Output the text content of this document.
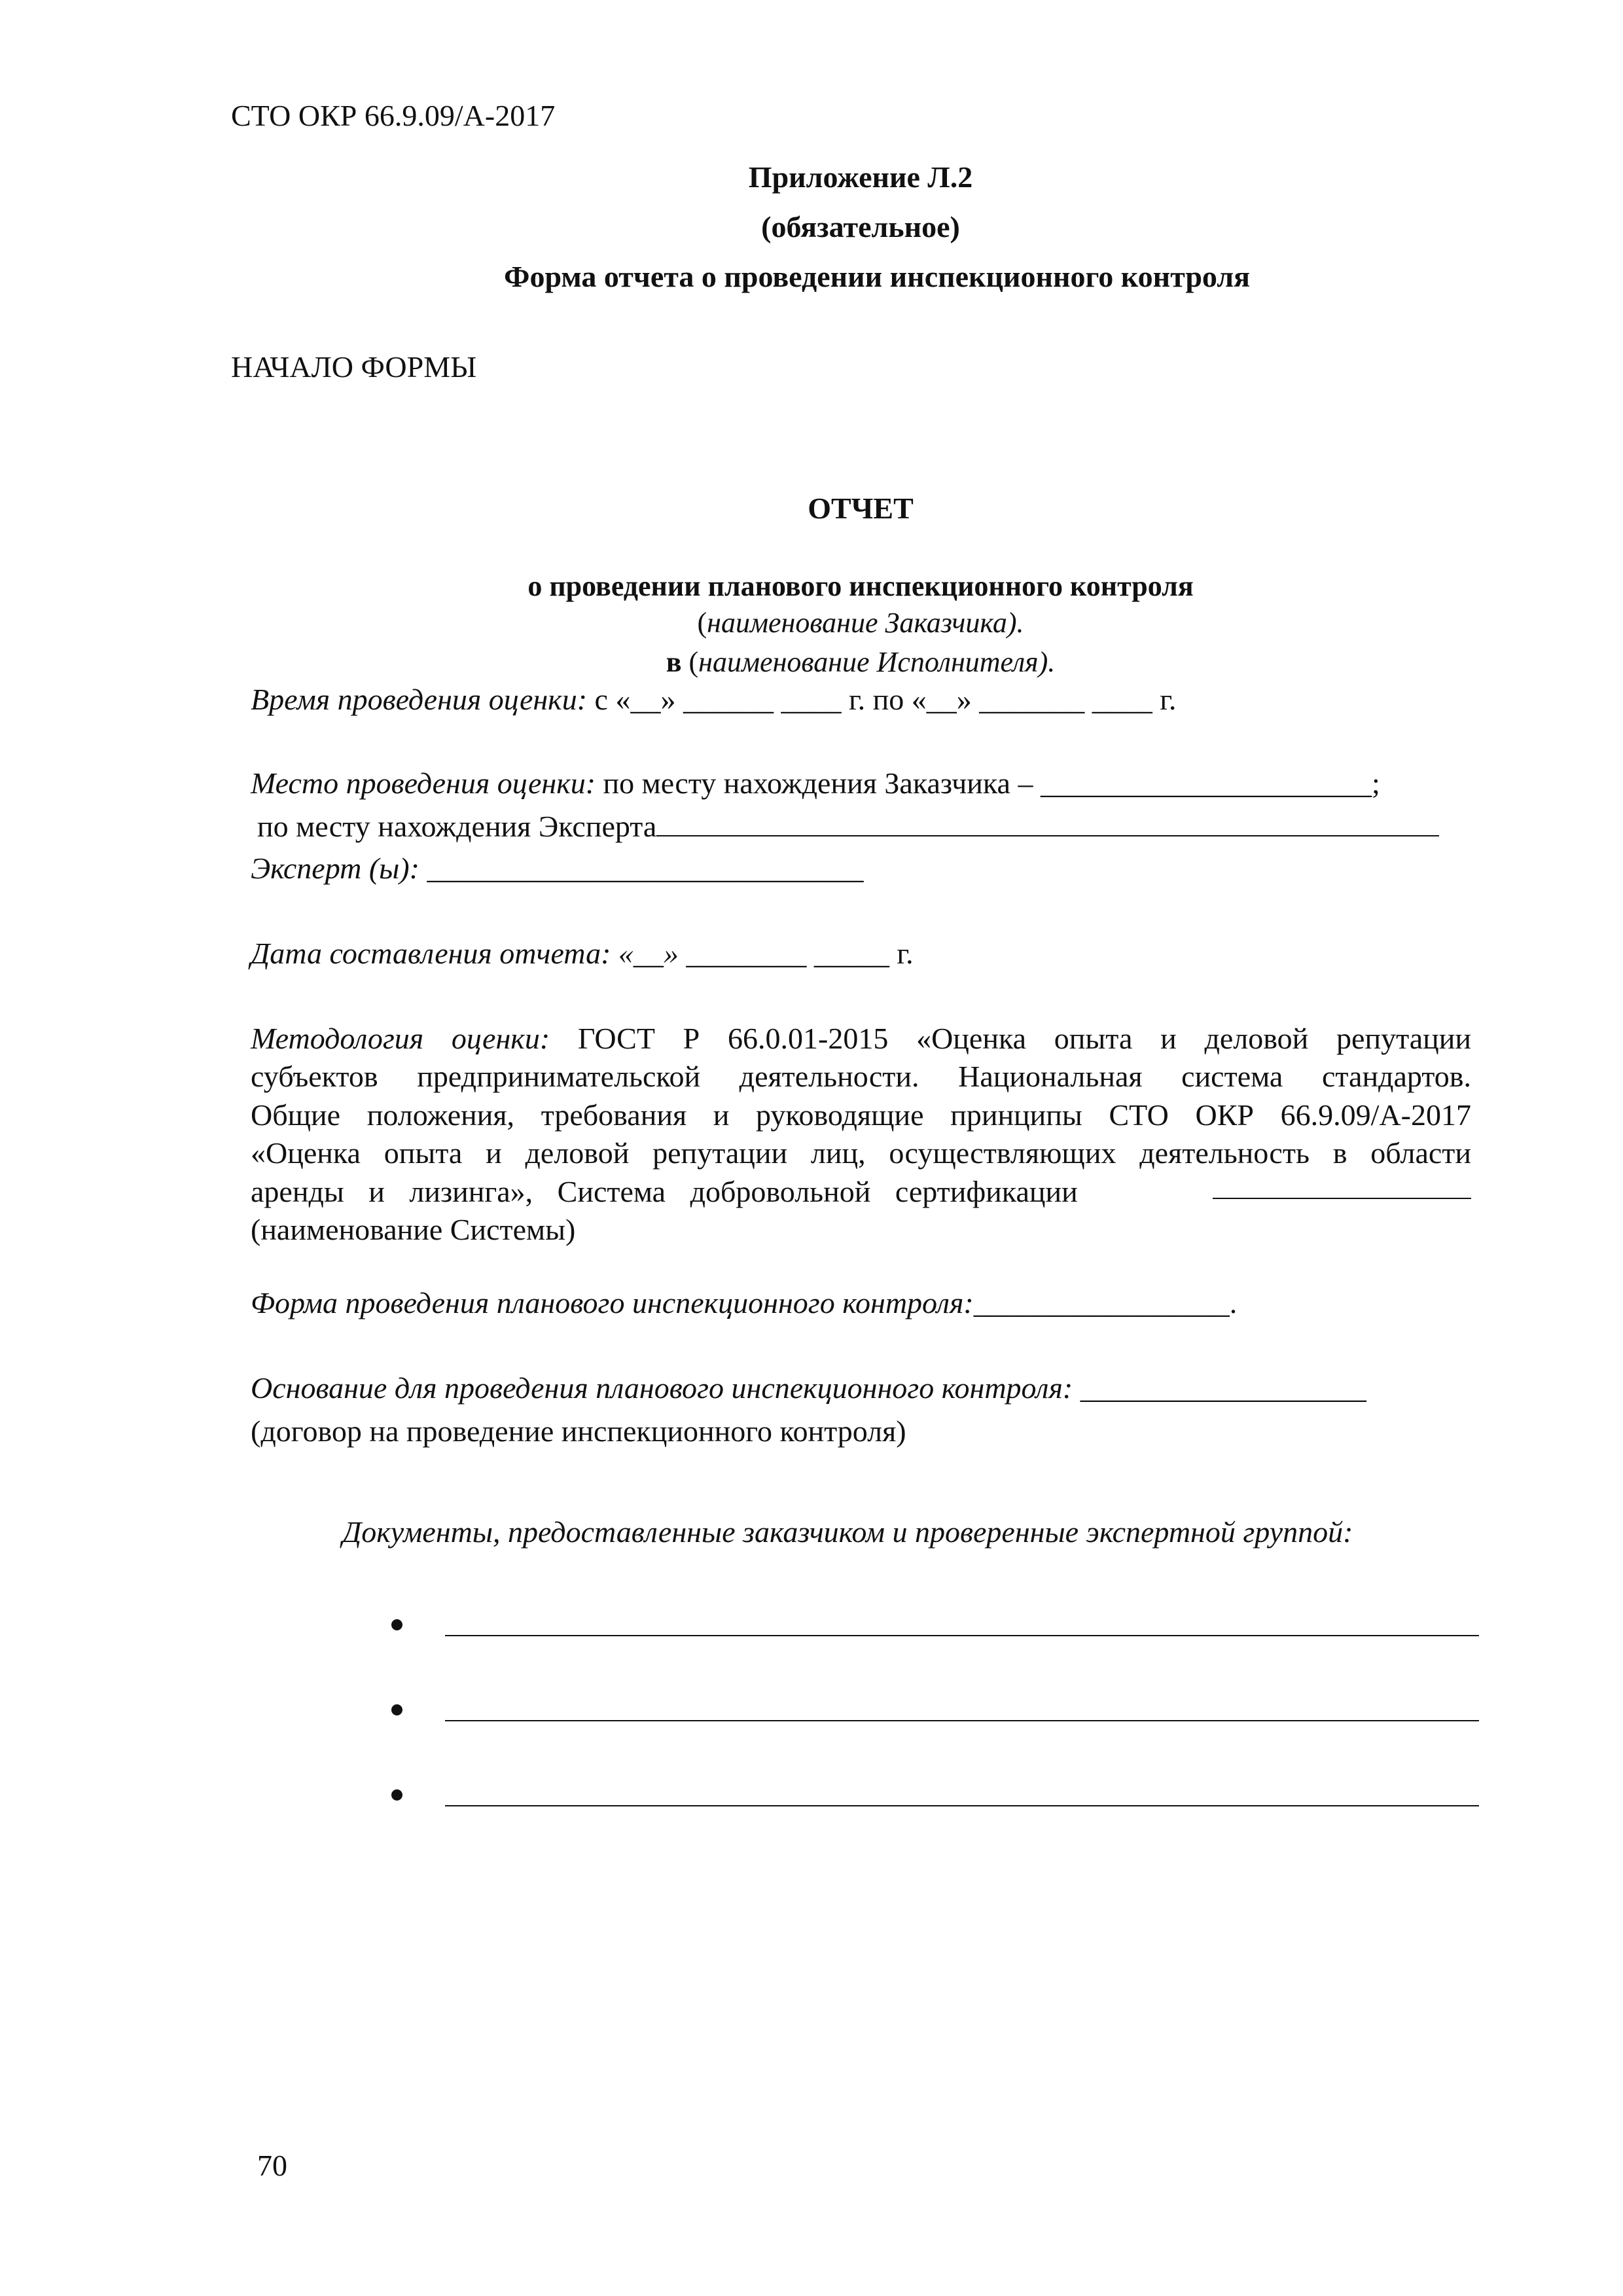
СТО ОКР 66.9.09/А-2017
Приложение Л.2
(обязательное)
Форма отчета о проведении инспекционного контроля
НАЧАЛО ФОРМЫ
ОТЧЕТ
о проведении планового инспекционного контроля
(наименование Заказчика).
в (наименование Исполнителя).
Время проведения оценки: с «__» ______ ____ г. по «__» _______ ____ г.
Место проведения оценки: по месту нахождения Заказчика – ______________________;
по месту нахождения Эксперта
Эксперт (ы): _____________________________
Дата составления отчета: «__» ________ _____ г.
Методология оценки: ГОСТ Р 66.0.01-2015 «Оценка опыта и деловой репутации
субъектов предпринимательской деятельности. Национальная система стандартов.
Общие положения, требования и руководящие принципы СТО ОКР 66.9.09/А-2017
«Оценка опыта и деловой репутации лиц, осуществляющих деятельность в области
аренды и лизинга», Система добровольной сертификации
(наименование Системы)
Форма проведения планового инспекционного контроля:_________________.
Основание для проведения планового инспекционного контроля: ___________________
(договор на проведение инспекционного контроля)
Документы, предоставленные заказчиком и проверенные экспертной группой:
70
